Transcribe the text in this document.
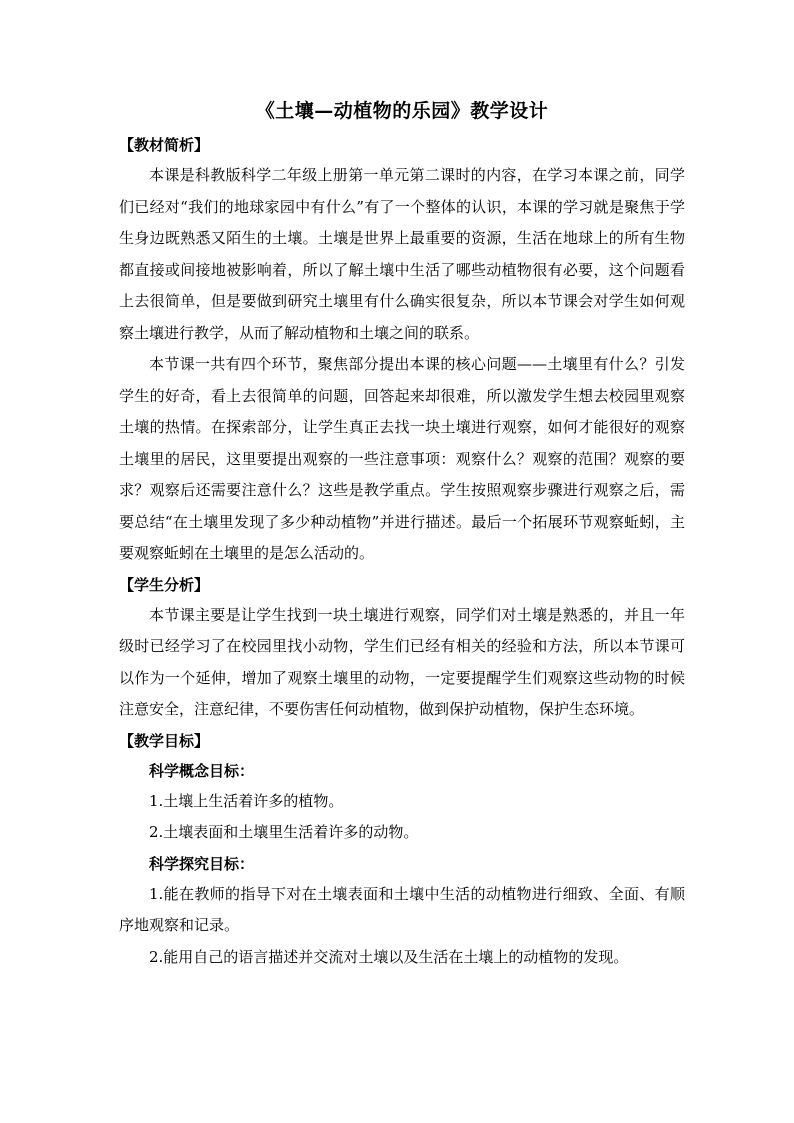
《土壤—动植物的乐园》教学设计
【教材简析】

本课是科教版科学二年级上册第一单元第二课时的内容，在学习本课之前，同学们已经对“我们的地球家园中有什么”有了一个整体的认识，本课的学习就是聚焦于学生身边既熟悉又陌生的土壤。土壤是世界上最重要的资源，生活在地球上的所有生物都直接或间接地被影响着，所以了解土壤中生活了哪些动植物很有必要，这个问题看上去很简单，但是要做到研究土壤里有什么确实很复杂，所以本节课会对学生如何观察土壤进行教学，从而了解动植物和土壤之间的联系。

本节课一共有四个环节，聚焦部分提出本课的核心问题——土壤里有什么？引发学生的好奇，看上去很简单的问题，回答起来却很难，所以激发学生想去校园里观察土壤的热情。在探索部分，让学生真正去找一块土壤进行观察，如何才能很好的观察土壤里的居民，这里要提出观察的一些注意事项：观察什么？观察的范围？观察的要求？观察后还需要注意什么？这些是教学重点。学生按照观察步骤进行观察之后，需要总结“在土壤里发现了多少种动植物”并进行描述。最后一个拓展环节观察蚯蚓，主要观察蚯蚓在土壤里的是怎么活动的。

【学生分析】

本节课主要是让学生找到一块土壤进行观察，同学们对土壤是熟悉的，并且一年级时已经学习了在校园里找小动物，学生们已经有相关的经验和方法，所以本节课可以作为一个延伸，增加了观察土壤里的动物，一定要提醒学生们观察这些动物的时候注意安全，注意纪律，不要伤害任何动植物，做到保护动植物，保护生态环境。

【教学目标】

科学概念目标：

1.土壤上生活着许多的植物。

2.土壤表面和土壤里生活着许多的动物。

科学探究目标：

1.能在教师的指导下对在土壤表面和土壤中生活的动植物进行细致、全面、有顺序地观察和记录。

2.能用自己的语言描述并交流对土壤以及生活在土壤上的动植物的发现。
